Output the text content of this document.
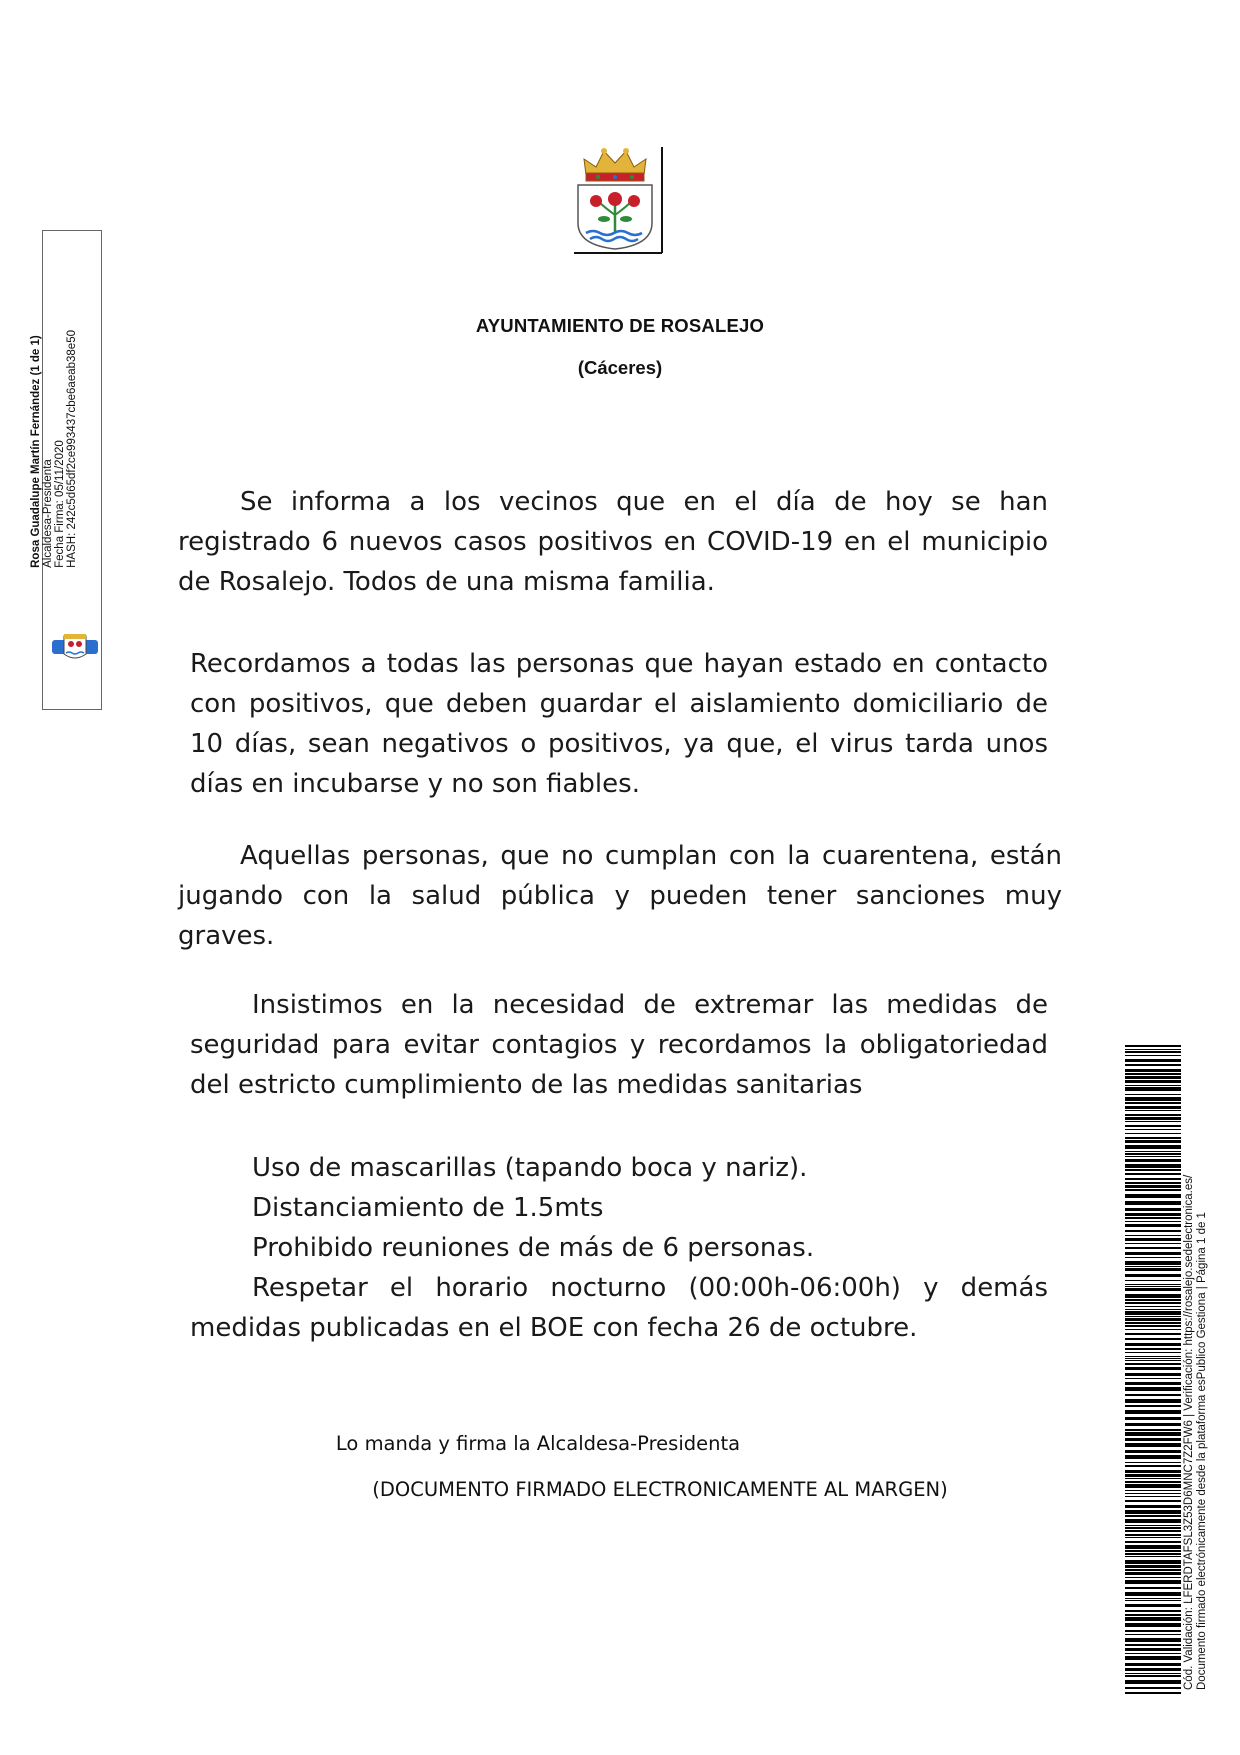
Rosa Guadalupe Martín Fernández (1 de 1) Alcaldesa-Presidenta Fecha Firma: 05/11/2020 HASH: 242c5d65df2ce993437cbe6aeab38e50
AYUNTAMIENTO DE ROSALEJO
(Cáceres)
Se informa a los vecinos que en el día de hoy se han registrado 6 nuevos casos positivos en COVID-19 en el municipio de Rosalejo. Todos de una misma familia.
Recordamos a todas las personas que hayan estado en contacto con positivos, que deben guardar el aislamiento domiciliario de 10 días, sean negativos o positivos, ya que, el virus tarda unos días en incubarse y no son fiables.
Aquellas personas, que no cumplan con la cuarentena, están jugando con la salud pública y pueden tener sanciones muy graves.
Insistimos en la necesidad de extremar las medidas de seguridad para evitar contagios y recordamos la obligatoriedad del estricto cumplimiento de las medidas sanitarias
Uso de mascarillas (tapando boca y nariz).
Distanciamiento de 1.5mts
Prohibido reuniones de más de 6 personas.
Respetar el horario nocturno (00:00h-06:00h) y demás medidas publicadas en el BOE con fecha 26 de octubre.
Lo manda y firma la Alcaldesa-Presidenta
(DOCUMENTO FIRMADO ELECTRONICAMENTE AL MARGEN)	Cód. Validación: LFERDTAFSL3Z53D6MNC7Z2FW6 | Verificación: https://rosalejo.sedelectronica.es/ Documento firmado electrónicamente desde la plataforma esPublico Gestiona | Página 1 de 1
